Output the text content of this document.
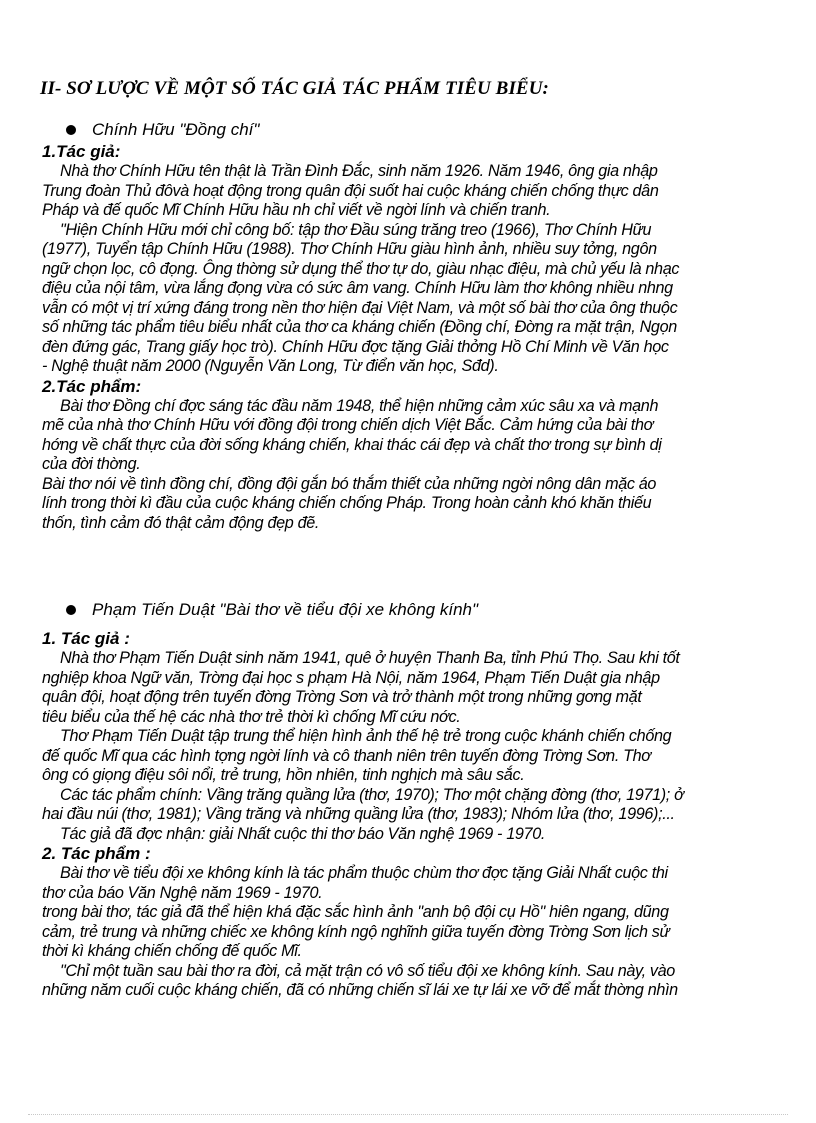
II- SƠ LƯỢC VỀ MỘT SỐ TÁC GIẢ TÁC PHẨM TIÊU BIỂU:
Chính Hữu "Đồng chí"
1.Tác giả:
Nhà thơ Chính Hữu tên thật là Trần Đình Đắc, sinh năm 1926. Năm 1946, ông gia nhập
Trung đoàn Thủ đôvà hoạt động trong quân đội suốt hai cuộc kháng chiến chống thực dân
Pháp và đế quốc Mĩ Chính Hữu hầu nh chỉ viết về ngời lính và chiến tranh.
"Hiện Chính Hữu mới chỉ công bố: tập thơ Đầu súng trăng treo (1966), Thơ Chính Hữu
(1977), Tuyển tập Chính Hữu (1988). Thơ Chính Hữu giàu hình ảnh, nhiều suy tởng, ngôn
ngữ chọn lọc, cô đọng. Ông thờng sử dụng thể thơ tự do, giàu nhạc điệu, mà chủ yếu là nhạc
điệu của nội tâm, vừa lắng đọng vừa có sức âm vang. Chính Hữu làm thơ không nhiều nhng
vẫn có một vị trí xứng đáng trong nền thơ hiện đại Việt Nam, và một số bài thơ của ông thuộc
số những tác phẩm tiêu biểu nhất của thơ ca kháng chiến (Đồng chí, Đờng ra mặt trận, Ngọn
đèn đứng gác, Trang giấy học trò). Chính Hữu đợc tặng Giải thởng Hồ Chí Minh về Văn học
- Nghệ thuật năm 2000 (Nguyễn Văn Long, Từ điển văn học, Sđd).
2.Tác phẩm:
Bài thơ Đồng chí đợc sáng tác đầu năm 1948, thể hiện những cảm xúc sâu xa và mạnh
mẽ của nhà thơ Chính Hữu với đồng đội trong chiến dịch Việt Bắc. Cảm hứng của bài thơ
hớng về chất thực của đời sống kháng chiến, khai thác cái đẹp và chất thơ trong sự bình dị
của đời thờng.
Bài thơ nói về tình đồng chí, đồng đội gắn bó thắm thiết của những ngời nông dân mặc áo
lính trong thời kì đầu của cuộc kháng chiến chống Pháp. Trong hoàn cảnh khó khăn thiếu
thốn, tình cảm đó thật cảm động đẹp đẽ.
Phạm Tiến Duật "Bài thơ về tiểu đội xe không kính"
1. Tác giả :
Nhà thơ Phạm Tiến Duật sinh năm 1941, quê ở huyện Thanh Ba, tỉnh Phú Thọ. Sau khi tốt
nghiệp khoa Ngữ văn, Trờng đại học s phạm Hà Nội, năm 1964, Phạm Tiến Duật gia nhập
quân đội, hoạt động trên tuyến đờng Trờng Sơn và trở thành một trong những gơng mặt
tiêu biểu của thế hệ các nhà thơ trẻ thời kì chống Mĩ cứu nớc.
Thơ Phạm Tiến Duật tập trung thể hiện hình ảnh thế hệ trẻ trong cuộc khánh chiến chống
đế quốc Mĩ qua các hình tợng ngời lính và cô thanh niên trên tuyến đờng Trờng Sơn. Thơ
ông có giọng điệu sôi nổi, trẻ trung, hồn nhiên, tinh nghịch mà sâu sắc.
Các tác phẩm chính: Vầng trăng quầng lửa (thơ, 1970); Thơ một chặng đờng (thơ, 1971); ở
hai đầu núi (thơ, 1981); Vầng trăng và những quầng lửa (thơ, 1983); Nhóm lửa (thơ, 1996);...
Tác giả đã đợc nhận: giải Nhất cuộc thi thơ báo Văn nghệ 1969 - 1970.
2. Tác phẩm :
Bài thơ về tiểu đội xe không kính là tác phẩm thuộc chùm thơ đợc tặng Giải Nhất cuộc thi
thơ của báo Văn Nghệ năm 1969 - 1970.
trong bài thơ, tác giả đã thể hiện khá đặc sắc hình ảnh "anh bộ đội cụ Hồ" hiên ngang, dũng
cảm, trẻ trung và những chiếc xe không kính ngộ nghĩnh giữa tuyến đờng Trờng Sơn lịch sử
thời kì kháng chiến chống đế quốc Mĩ.
"Chỉ một tuần sau bài thơ ra đời, cả mặt trận có vô số tiểu đội xe không kính. Sau này, vào
những năm cuối cuộc kháng chiến, đã có những chiến sĩ lái xe tự lái xe vỡ để mắt thờng nhìn
